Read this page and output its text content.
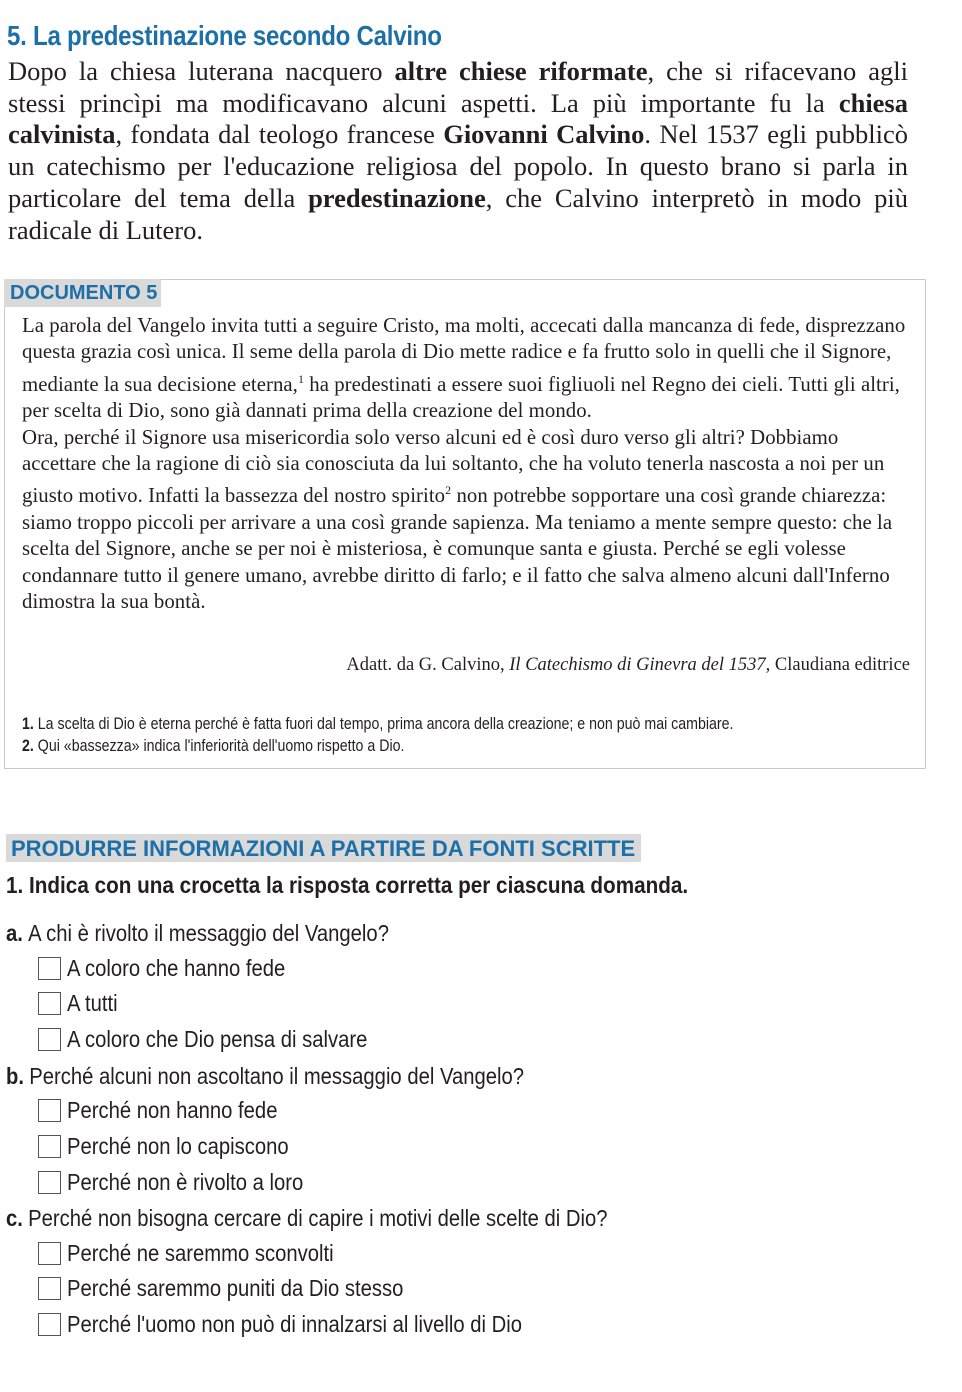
5. La predestinazione secondo Calvino
Dopo la chiesa luterana nacquero altre chiese riformate, che si rifacevano agli stessi princìpi ma modificavano alcuni aspetti. La più importante fu la chiesa calvinista, fondata dal teologo francese Giovanni Calvino. Nel 1537 egli pubblicò un catechismo per l'educazione religiosa del popolo. In questo brano si parla in particolare del tema della predestinazione, che Calvino interpretò in modo più radicale di Lutero.
DOCUMENTO 5

La parola del Vangelo invita tutti a seguire Cristo, ma molti, accecati dalla mancanza di fede, disprezzano questa grazia così unica. Il seme della parola di Dio mette radice e fa frutto solo in quelli che il Signore, mediante la sua decisione eterna,$^1$ ha predestinati a essere suoi figliuoli nel Regno dei cieli. Tutti gli altri, per scelta di Dio, sono già dannati prima della creazione del mondo.

Ora, perché il Signore usa misericordia solo verso alcuni ed è così duro verso gli altri? Dobbiamo accettare che la ragione di ciò sia conosciuta da lui soltanto, che ha voluto tenerla nascosta a noi per un giusto motivo. Infatti la bassezza del nostro spirito$^2$ non potrebbe sopportare una così grande chiarezza: siamo troppo piccoli per arrivare a una così grande sapienza. Ma teniamo a mente sempre questo: che la scelta del Signore, anche se per noi è misteriosa, è comunque santa e giusta. Perché se egli volesse condannare tutto il genere umano, avrebbe diritto di farlo; e il fatto che salva almeno alcuni dall'Inferno dimostra la sua bontà.

Adatt. da G. Calvino, Il Catechismo di Ginevra del 1537, Claudiana editrice
1. La scelta di Dio è eterna perché è fatta fuori dal tempo, prima ancora della creazione; e non può mai cambiare.
2. Qui «bassezza» indica l'inferiorità dell'uomo rispetto a Dio.
PRODURRE INFORMAZIONI A PARTIRE DA FONTI SCRITTE
1. Indica con una crocetta la risposta corretta per ciascuna domanda.
a. A chi è rivolto il messaggio del Vangelo?
A coloro che hanno fede
A tutti
A coloro che Dio pensa di salvare
b. Perché alcuni non ascoltano il messaggio del Vangelo?
Perché non hanno fede
Perché non lo capiscono
Perché non è rivolto a loro
c. Perché non bisogna cercare di capire i motivi delle scelte di Dio?
Perché ne saremmo sconvolti
Perché saremmo puniti da Dio stesso
Perché l'uomo non può di innalzarsi al livello di Dio
